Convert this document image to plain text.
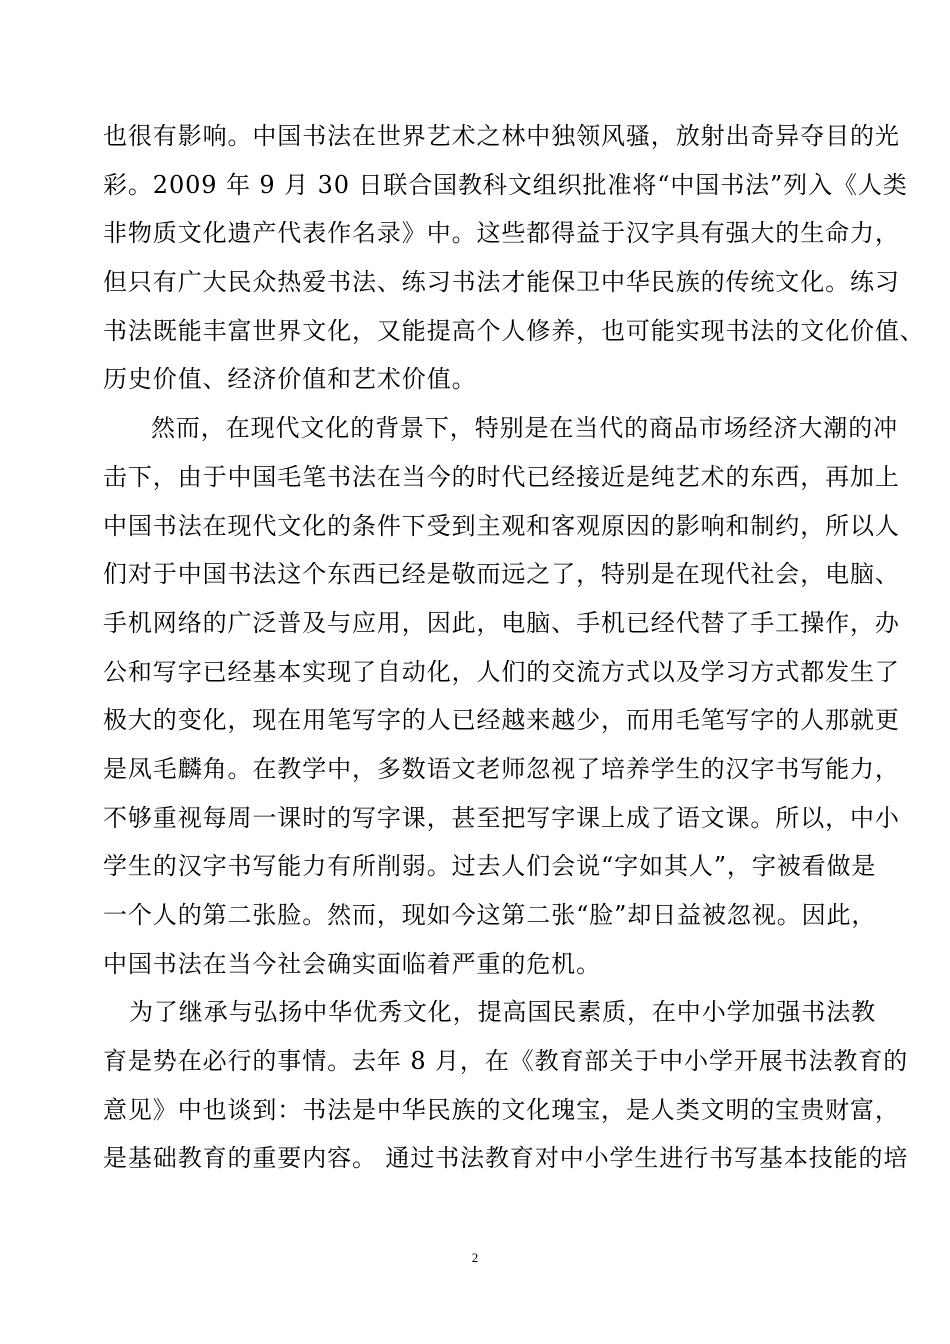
也很有影响。中国书法在世界艺术之林中独领风骚，放射出奇异夺目的光
彩。2009 年 9 月 30 日联合国教科文组织批准将“中国书法”列入《人类
非物质文化遗产代表作名录》中。这些都得益于汉字具有强大的生命力，
但只有广大民众热爱书法、练习书法才能保卫中华民族的传统文化。练习
书法既能丰富世界文化，又能提高个人修养，也可能实现书法的文化价值、
历史价值、经济价值和艺术价值。
然而，在现代文化的背景下，特别是在当代的商品市场经济大潮的冲
击下，由于中国毛笔书法在当今的时代已经接近是纯艺术的东西，再加上
中国书法在现代文化的条件下受到主观和客观原因的影响和制约，所以人
们对于中国书法这个东西已经是敬而远之了，特别是在现代社会，电脑、
手机网络的广泛普及与应用，因此，电脑、手机已经代替了手工操作，办
公和写字已经基本实现了自动化，人们的交流方式以及学习方式都发生了
极大的变化，现在用笔写字的人已经越来越少，而用毛笔写字的人那就更
是凤毛麟角。在教学中，多数语文老师忽视了培养学生的汉字书写能力，
不够重视每周一课时的写字课，甚至把写字课上成了语文课。所以，中小
学生的汉字书写能力有所削弱。过去人们会说“字如其人”，字被看做是
一个人的第二张脸。然而，现如今这第二张“脸”却日益被忽视。因此，
中国书法在当今社会确实面临着严重的危机。
为了继承与弘扬中华优秀文化，提高国民素质，在中小学加强书法教
育是势在必行的事情。去年 8 月，在《教育部关于中小学开展书法教育的
意见》中也谈到：书法是中华民族的文化瑰宝，是人类文明的宝贵财富，
是基础教育的重要内容。 通过书法教育对中小学生进行书写基本技能的培
2
